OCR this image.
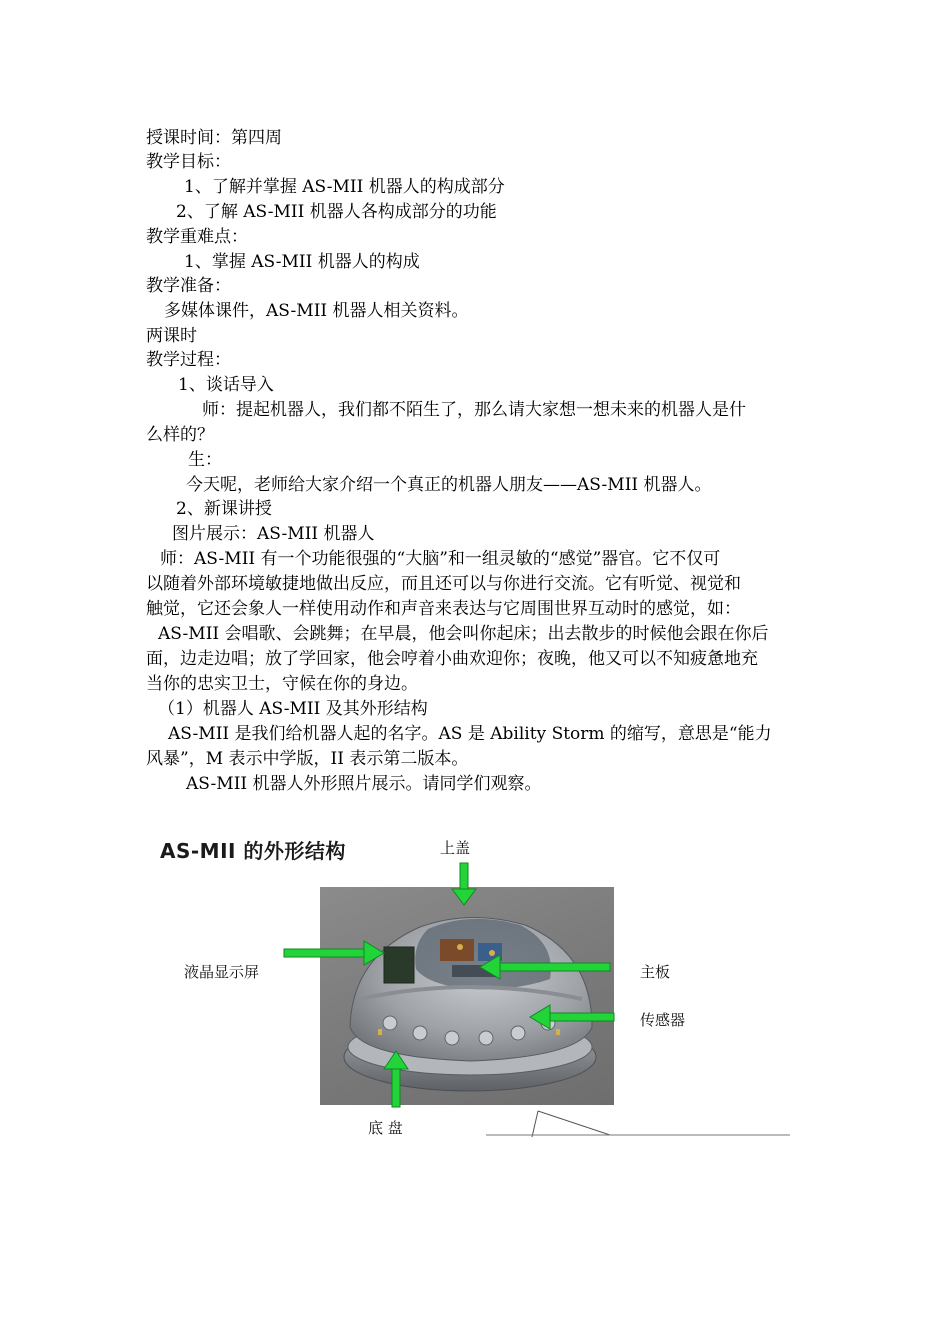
授课时间：第四周
教学目标：
1、了解并掌握 AS-MII 机器人的构成部分
2、了解 AS-MII 机器人各构成部分的功能
教学重难点：
1、掌握 AS-MII 机器人的构成
教学准备：
多媒体课件，AS-MII 机器人相关资料。
两课时
教学过程：
1、谈话导入
师：提起机器人，我们都不陌生了，那么请大家想一想未来的机器人是什
么样的？
生：
今天呢，老师给大家介绍一个真正的机器人朋友——AS-MII 机器人。
2、新课讲授
图片展示：AS-MII 机器人
师：AS-MII 有一个功能很强的“大脑”和一组灵敏的“感觉”器官。它不仅可
以随着外部环境敏捷地做出反应，而且还可以与你进行交流。它有听觉、视觉和
触觉，它还会象人一样使用动作和声音来表达与它周围世界互动时的感觉，如：
AS-MII 会唱歌、会跳舞；在早晨，他会叫你起床；出去散步的时候他会跟在你后
面，边走边唱；放了学回家，他会哼着小曲欢迎你；夜晚，他又可以不知疲惫地充
当你的忠实卫士，守候在你的身边。
（1）机器人 AS-MII 及其外形结构
AS-MII 是我们给机器人起的名字。AS 是 Ability Storm 的缩写，意思是“能力
风暴”，M 表示中学版，II 表示第二版本。
AS-MII 机器人外形照片展示。请同学们观察。
AS-MII 的外形结构	上盖
液晶显示屏	主板
传感器
底 盘
